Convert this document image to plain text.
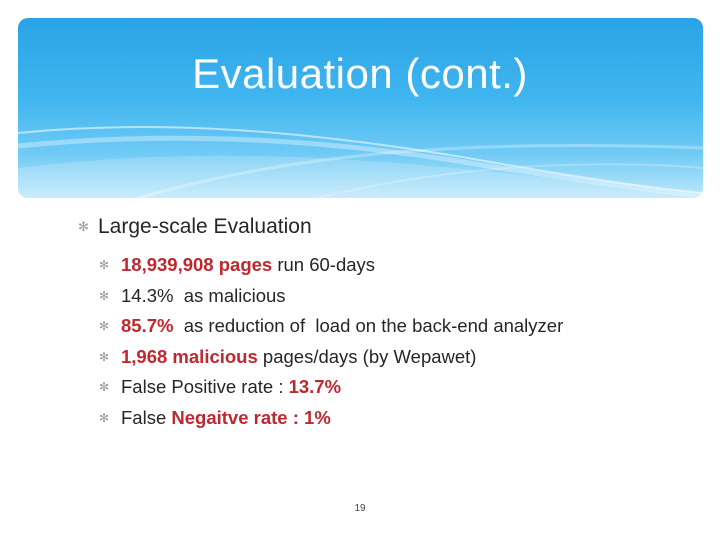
Evaluation (cont.)
✻ Large-scale Evaluation
✻ 18,939,908 pages run 60-days
✻ 14.3%  as malicious
✻ 85.7% as reduction of  load on the back-end analyzer
✻ 1,968 malicious pages/days (by Wepawet)
✻ False Positive rate : 13.7%
✻ False Negaitve rate : 1%
19
